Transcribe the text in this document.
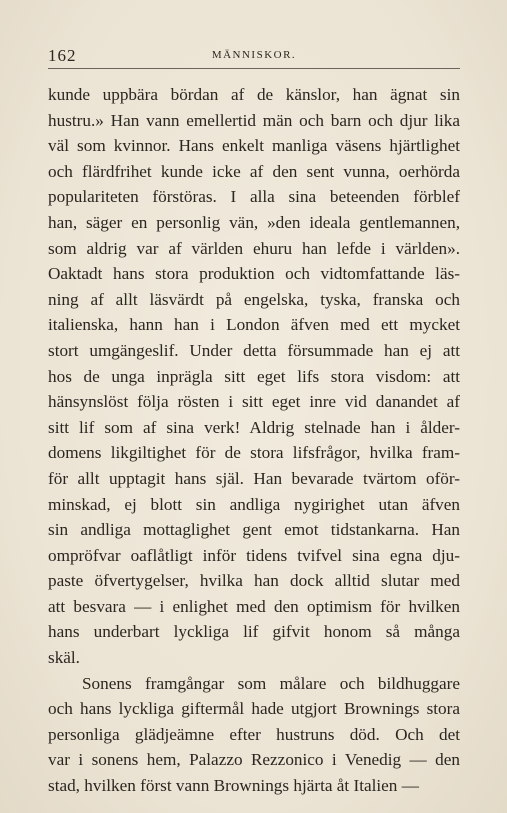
162	MÄNNISKOR.
kunde uppbära bördan af de känslor, han ägnat sin
hustru.» Han vann emellertid män och barn och djur lika
väl som kvinnor. Hans enkelt manliga väsens hjärtlighet
och flärdfrihet kunde icke af den sent vunna, oerhörda
populariteten förstöras. I alla sina beteenden förblef
han, säger en personlig vän, »den ideala gentlemannen,
som aldrig var af världen ehuru han lefde i världen».
Oaktadt hans stora produktion och vidtomfattande läs-
ning af allt läsvärdt på engelska, tyska, franska och
italienska, hann han i London äfven med ett mycket
stort umgängeslif. Under detta försummade han ej att
hos de unga inprägla sitt eget lifs stora visdom: att
hänsynslöst följa rösten i sitt eget inre vid danandet af
sitt lif som af sina verk! Aldrig stelnade han i ålder-
domens likgiltighet för de stora lifsfrågor, hvilka fram-
för allt upptagit hans själ. Han bevarade tvärtom oför-
minskad, ej blott sin andliga nygirighet utan äfven
sin andliga mottaglighet gent emot tidstankarna. Han
ompröfvar oaflåtligt inför tidens tvifvel sina egna dju-
paste öfvertygelser, hvilka han dock alltid slutar med
att besvara — i enlighet med den optimism för hvilken
hans underbart lyckliga lif gifvit honom så många
skäl.
Sonens framgångar som målare och bildhuggare
och hans lyckliga giftermål hade utgjort Brownings stora
personliga glädjeämne efter hustruns död. Och det
var i sonens hem, Palazzo Rezzonico i Venedig — den
stad, hvilken först vann Brownings hjärta åt Italien —
